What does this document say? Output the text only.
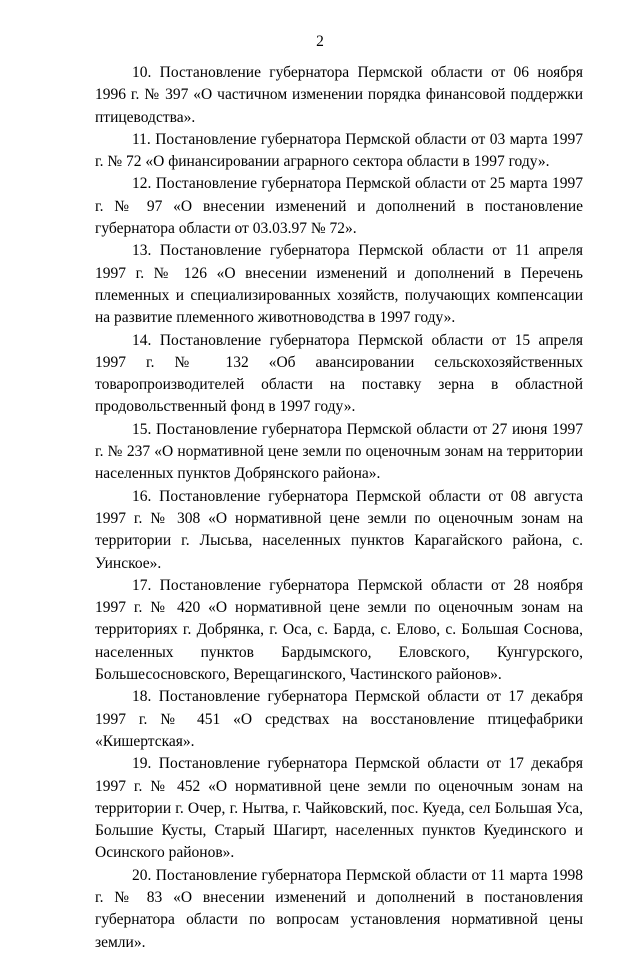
2

10. Постановление губернатора Пермской области от 06 ноября 1996 г. № 397 «О частичном изменении порядка финансовой поддержки птицеводства».

11. Постановление губернатора Пермской области от 03 марта 1997 г. № 72 «О финансировании аграрного сектора области в 1997 году».

12. Постановление губернатора Пермской области от 25 марта 1997 г. № 97 «О внесении изменений и дополнений в постановление губернатора области от 03.03.97 № 72».

13. Постановление губернатора Пермской области от 11 апреля 1997 г. № 126 «О внесении изменений и дополнений в Перечень племенных и специализированных хозяйств, получающих компенсации на развитие племенного животноводства в 1997 году».

14. Постановление губернатора Пермской области от 15 апреля 1997 г. № 132 «Об авансировании сельскохозяйственных товаропроизводителей области на поставку зерна в областной продовольственный фонд в 1997 году».

15. Постановление губернатора Пермской области от 27 июня 1997 г. № 237 «О нормативной цене земли по оценочным зонам на территории населенных пунктов Добрянского района».

16. Постановление губернатора Пермской области от 08 августа 1997 г. № 308 «О нормативной цене земли по оценочным зонам на территории г. Лысьва, населенных пунктов Карагайского района, с. Уинское».

17. Постановление губернатора Пермской области от 28 ноября 1997 г. № 420 «О нормативной цене земли по оценочным зонам на территориях г. Добрянка, г. Оса, с. Барда, с. Елово, с. Большая Соснова, населенных пунктов Бардымского, Еловского, Кунгурского, Большесосновского, Верещагинского, Частинского районов».

18. Постановление губернатора Пермской области от 17 декабря 1997 г. № 451 «О средствах на восстановление птицефабрики «Кишертская».

19. Постановление губернатора Пермской области от 17 декабря 1997 г. № 452 «О нормативной цене земли по оценочным зонам на территории г. Очер, г. Нытва, г. Чайковский, пос. Куеда, сел Большая Уса, Большие Кусты, Старый Шагирт, населенных пунктов Куединского и Осинского районов».

20. Постановление губернатора Пермской области от 11 марта 1998 г. № 83 «О внесении изменений и дополнений в постановления губернатора области по вопросам установления нормативной цены земли».
